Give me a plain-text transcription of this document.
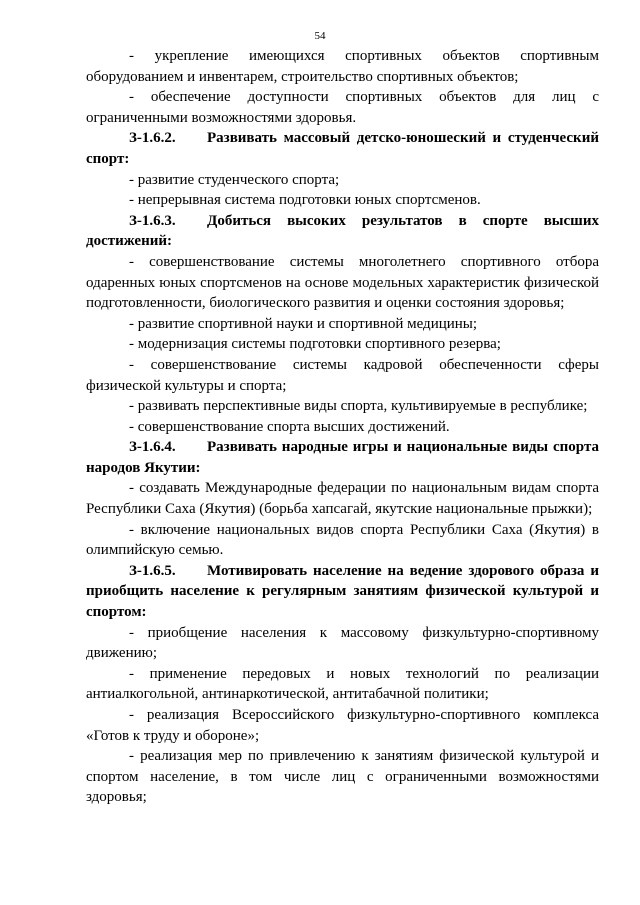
54

- укрепление имеющихся спортивных объектов спортивным оборудованием и инвентарем, строительство спортивных объектов;

- обеспечение доступности спортивных объектов для лиц с ограниченными возможностями здоровья.

З-1.6.2. Развивать массовый детско-юношеский и студенческий спорт:

- развитие студенческого спорта;

- непрерывная система подготовки юных спортсменов.

З-1.6.3. Добиться высоких результатов в спорте высших достижений:

- совершенствование системы многолетнего спортивного отбора одаренных юных спортсменов на основе модельных характеристик физической подготовленности, биологического развития и оценки состояния здоровья;

- развитие спортивной науки и спортивной медицины;

- модернизация системы подготовки спортивного резерва;

- совершенствование системы кадровой обеспеченности сферы физической культуры и спорта;

- развивать перспективные виды спорта, культивируемые в республике;

- совершенствование спорта высших достижений.

З-1.6.4. Развивать народные игры и национальные виды спорта народов Якутии:

- создавать Международные федерации по национальным видам спорта Республики Саха (Якутия) (борьба хапсагай, якутские национальные прыжки);

- включение национальных видов спорта Республики Саха (Якутия) в олимпийскую семью.

З-1.6.5. Мотивировать население на ведение здорового образа и приобщить население к регулярным занятиям физической культурой и спортом:

- приобщение населения к массовому физкультурно-спортивному движению;

- применение передовых и новых технологий по реализации антиалкогольной, антинаркотической, антитабачной политики;

- реализация Всероссийского физкультурно-спортивного комплекса «Готов к труду и обороне»;

- реализация мер по привлечению к занятиям физической культурой и спортом население, в том числе лиц с ограниченными возможностями здоровья;
